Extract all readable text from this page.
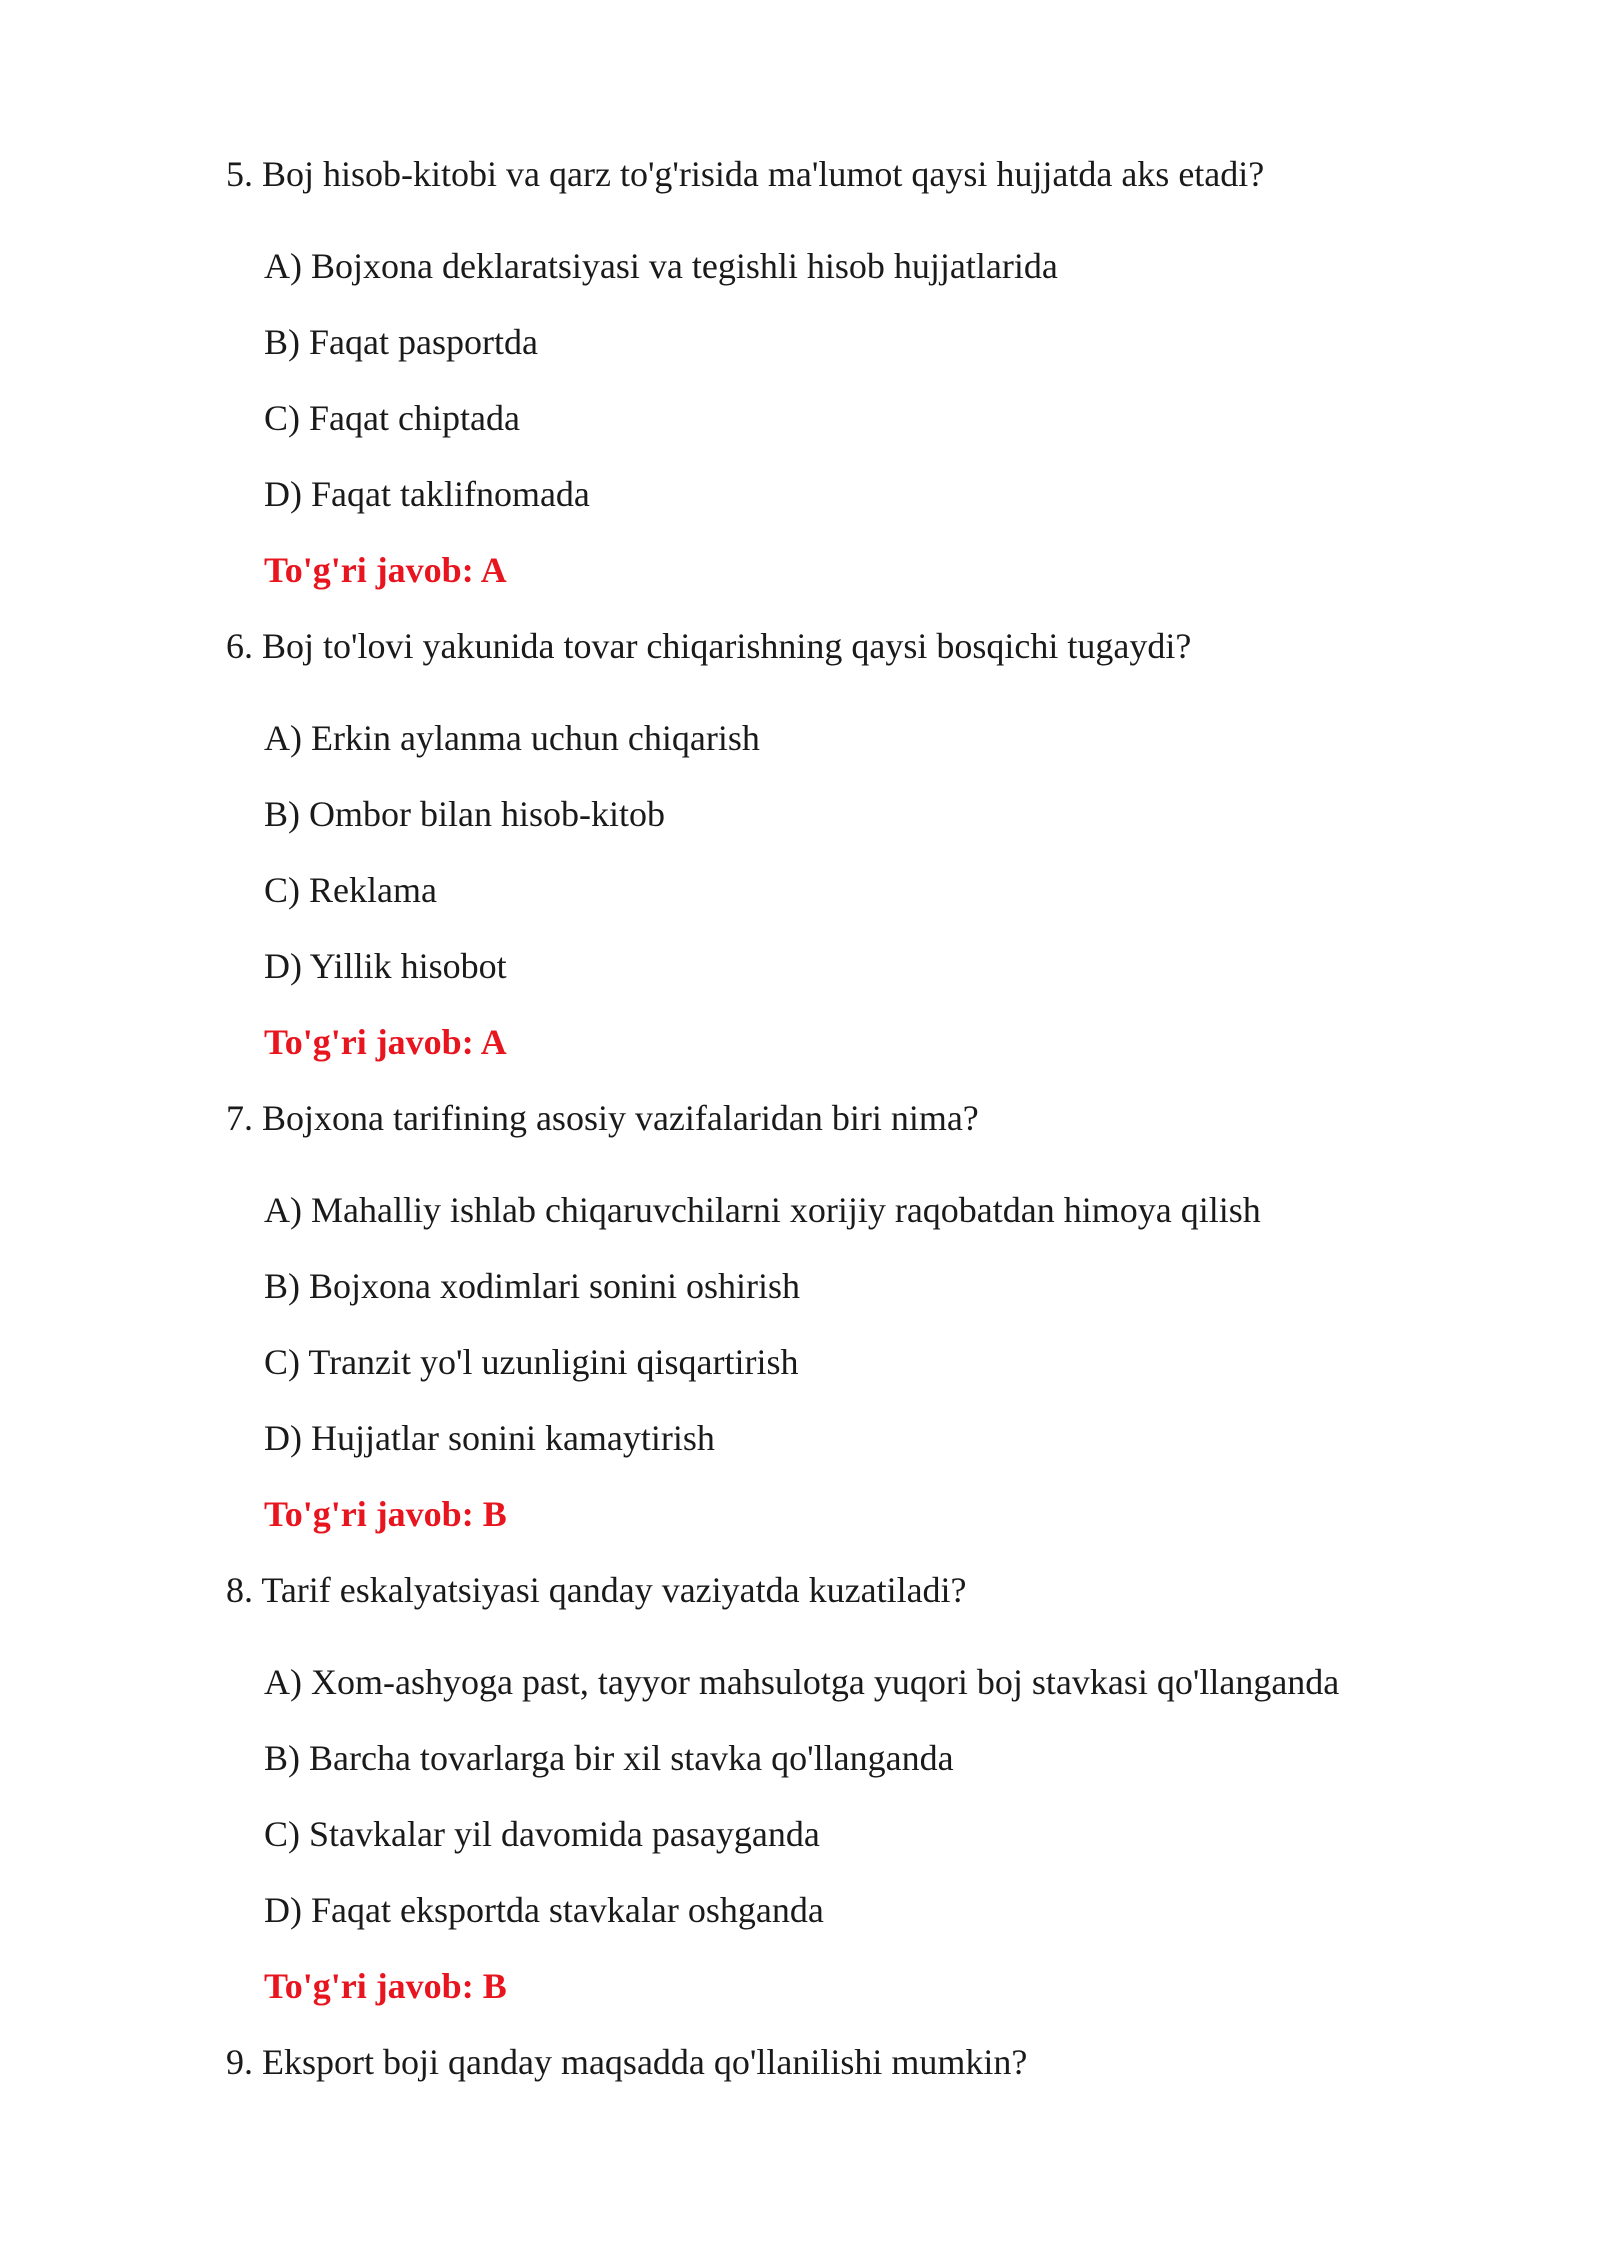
5. Boj hisob-kitobi va qarz to'g'risida ma'lumot qaysi hujjatda aks etadi?

A) Bojxona deklaratsiyasi va tegishli hisob hujjatlarida
B) Faqat pasportda
C) Faqat chiptada
D) Faqat taklifnomada
To'g'ri javob: A

6. Boj to'lovi yakunida tovar chiqarishning qaysi bosqichi tugaydi?

A) Erkin aylanma uchun chiqarish
B) Ombor bilan hisob-kitob
C) Reklama
D) Yillik hisobot
To'g'ri javob: A

7. Bojxona tarifining asosiy vazifalaridan biri nima?

A) Mahalliy ishlab chiqaruvchilarni xorijiy raqobatdan himoya qilish
B) Bojxona xodimlari sonini oshirish
C) Tranzit yo'l uzunligini qisqartirish
D) Hujjatlar sonini kamaytirish
To'g'ri javob: B

8. Tarif eskalyatsiyasi qanday vaziyatda kuzatiladi?

A) Xom-ashyoga past, tayyor mahsulotga yuqori boj stavkasi qo'llanganda
B) Barcha tovarlarga bir xil stavka qo'llanganda
C) Stavkalar yil davomida pasayganda
D) Faqat eksportda stavkalar oshganda
To'g'ri javob: B

9. Eksport boji qanday maqsadda qo'llanilishi mumkin?
